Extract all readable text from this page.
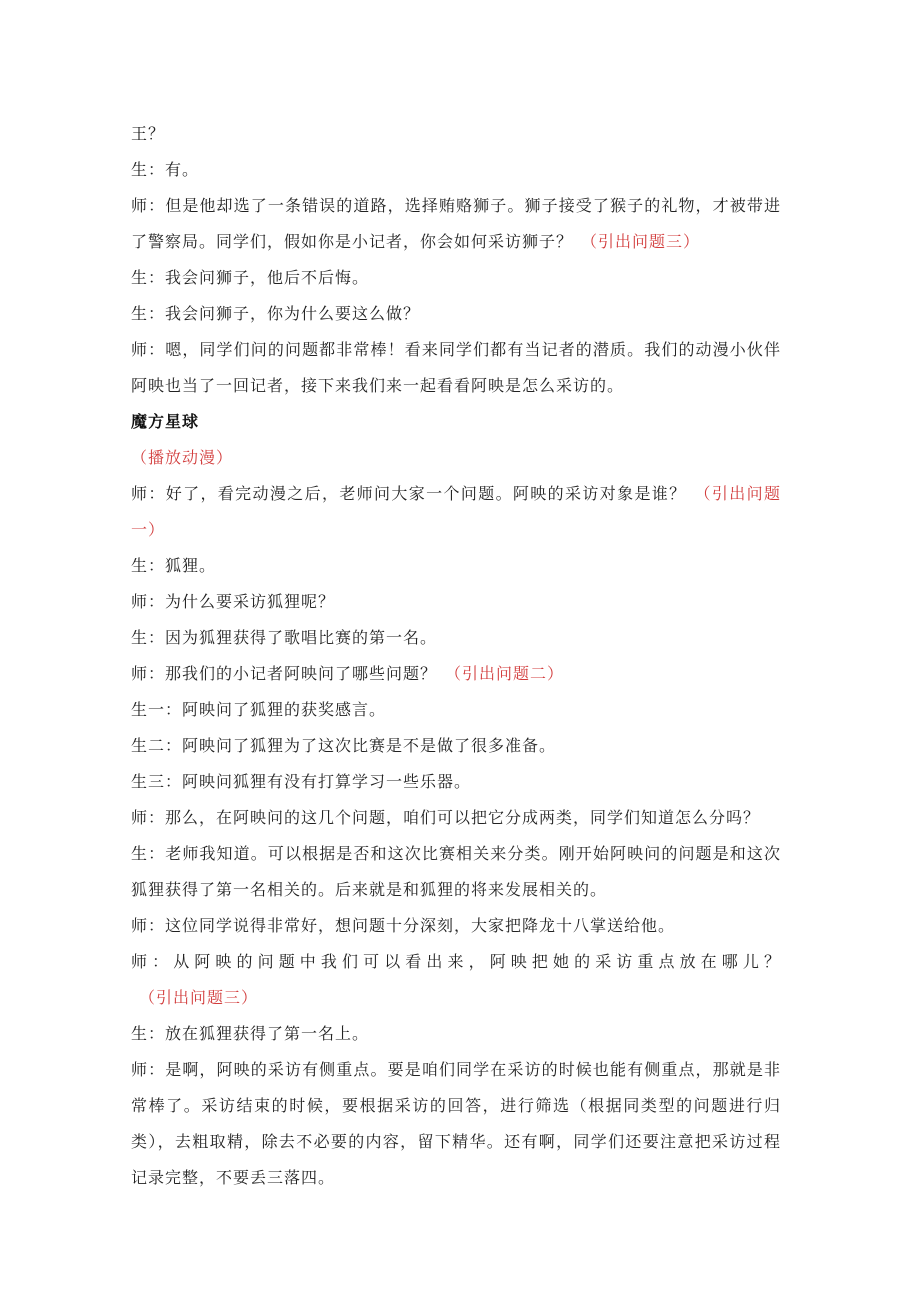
王？

生：有。

师：但是他却选了一条错误的道路，选择贿赂狮子。狮子接受了猴子的礼物，才被带进了警察局。同学们，假如你是小记者，你会如何采访狮子？ （引出问题三）

生：我会问狮子，他后不后悔。

生：我会问狮子，你为什么要这么做？

师：嗯，同学们问的问题都非常棒！看来同学们都有当记者的潜质。我们的动漫小伙伴阿映也当了一回记者，接下来我们来一起看看阿映是怎么采访的。

魔方星球

（播放动漫）

师：好了，看完动漫之后，老师问大家一个问题。阿映的采访对象是谁？ （引出问题一）

生：狐狸。

师：为什么要采访狐狸呢？

生：因为狐狸获得了歌唱比赛的第一名。

师：那我们的小记者阿映问了哪些问题？ （引出问题二）

生一：阿映问了狐狸的获奖感言。

生二：阿映问了狐狸为了这次比赛是不是做了很多准备。

生三：阿映问狐狸有没有打算学习一些乐器。

师：那么，在阿映问的这几个问题，咱们可以把它分成两类，同学们知道怎么分吗？

生：老师我知道。可以根据是否和这次比赛相关来分类。刚开始阿映问的问题是和这次狐狸获得了第一名相关的。后来就是和狐狸的将来发展相关的。

师：这位同学说得非常好，想问题十分深刻，大家把降龙十八掌送给他。

师：从阿映的问题中我们可以看出来，阿映把她的采访重点放在哪儿？（引出问题三）

生：放在狐狸获得了第一名上。

师：是啊，阿映的采访有侧重点。要是咱们同学在采访的时候也能有侧重点，那就是非常棒了。采访结束的时候，要根据采访的回答，进行筛选（根据同类型的问题进行归类），去粗取精，除去不必要的内容，留下精华。还有啊，同学们还要注意把采访过程记录完整，不要丢三落四。
